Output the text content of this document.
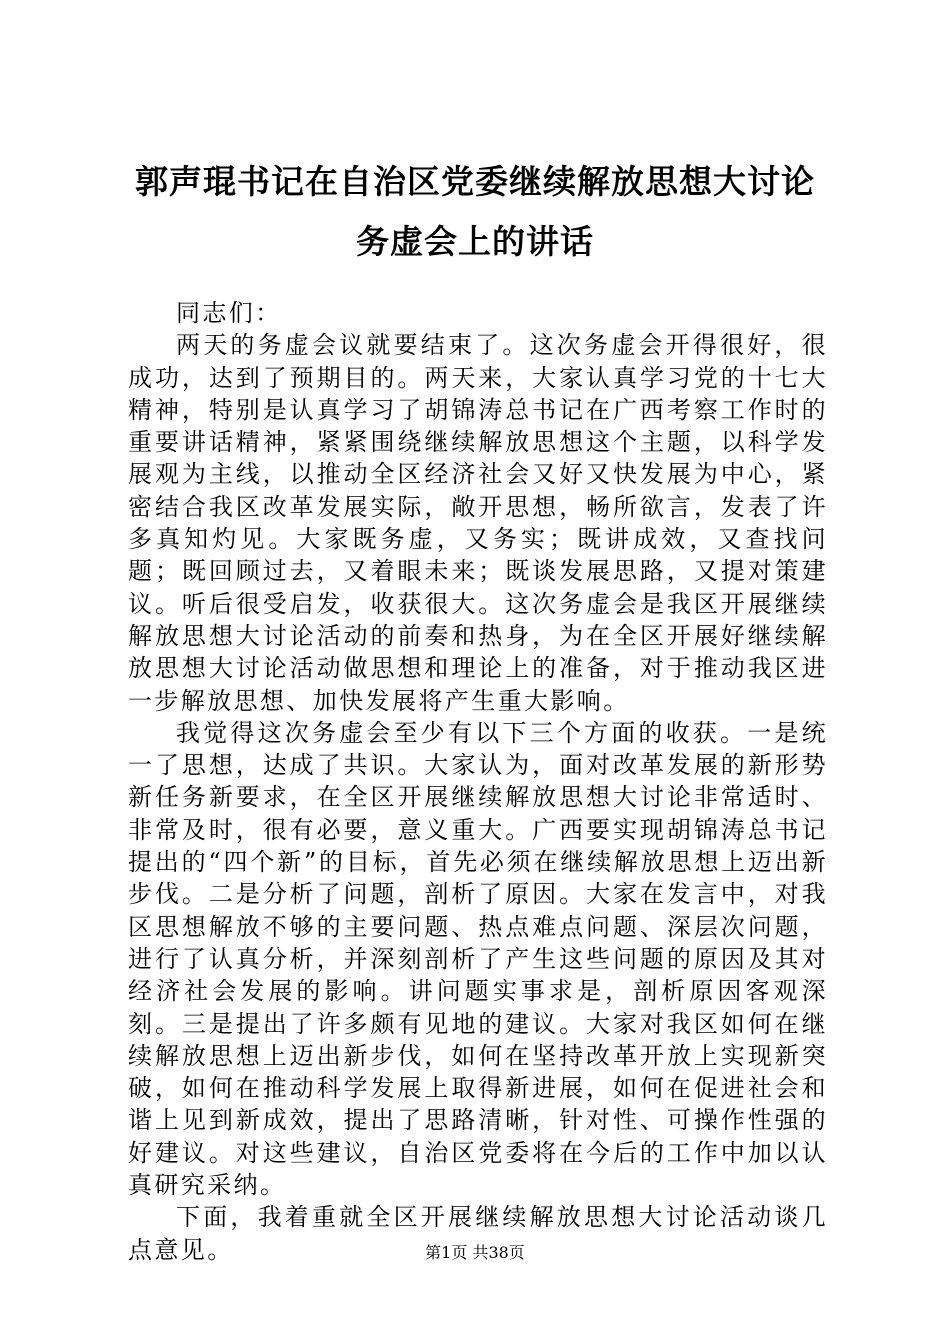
郭声琨书记在自治区党委继续解放思想大讨论
务虚会上的讲话

同志们：

两天的务虚会议就要结束了。这次务虚会开得很好，很成功，达到了预期目的。两天来，大家认真学习党的十七大精神，特别是认真学习了胡锦涛总书记在广西考察工作时的重要讲话精神，紧紧围绕继续解放思想这个主题，以科学发展观为主线，以推动全区经济社会又好又快发展为中心，紧密结合我区改革发展实际，敞开思想，畅所欲言，发表了许多真知灼见。大家既务虚，又务实；既讲成效，又查找问题；既回顾过去，又着眼未来；既谈发展思路，又提对策建议。听后很受启发，收获很大。这次务虚会是我区开展继续解放思想大讨论活动的前奏和热身，为在全区开展好继续解放思想大讨论活动做思想和理论上的准备，对于推动我区进一步解放思想、加快发展将产生重大影响。

我觉得这次务虚会至少有以下三个方面的收获。一是统一了思想，达成了共识。大家认为，面对改革发展的新形势新任务新要求，在全区开展继续解放思想大讨论非常适时、非常及时，很有必要，意义重大。广西要实现胡锦涛总书记提出的“四个新”的目标，首先必须在继续解放思想上迈出新步伐。二是分析了问题，剖析了原因。大家在发言中，对我区思想解放不够的主要问题、热点难点问题、深层次问题，进行了认真分析，并深刻剖析了产生这些问题的原因及其对经济社会发展的影响。讲问题实事求是，剖析原因客观深刻。三是提出了许多颇有见地的建议。大家对我区如何在继续解放思想上迈出新步伐，如何在坚持改革开放上实现新突破，如何在推动科学发展上取得新进展，如何在促进社会和谐上见到新成效，提出了思路清晰，针对性、可操作性强的好建议。对这些建议，自治区党委将在今后的工作中加以认真研究采纳。

下面，我着重就全区开展继续解放思想大讨论活动谈几点意见。	第1页 共38页
